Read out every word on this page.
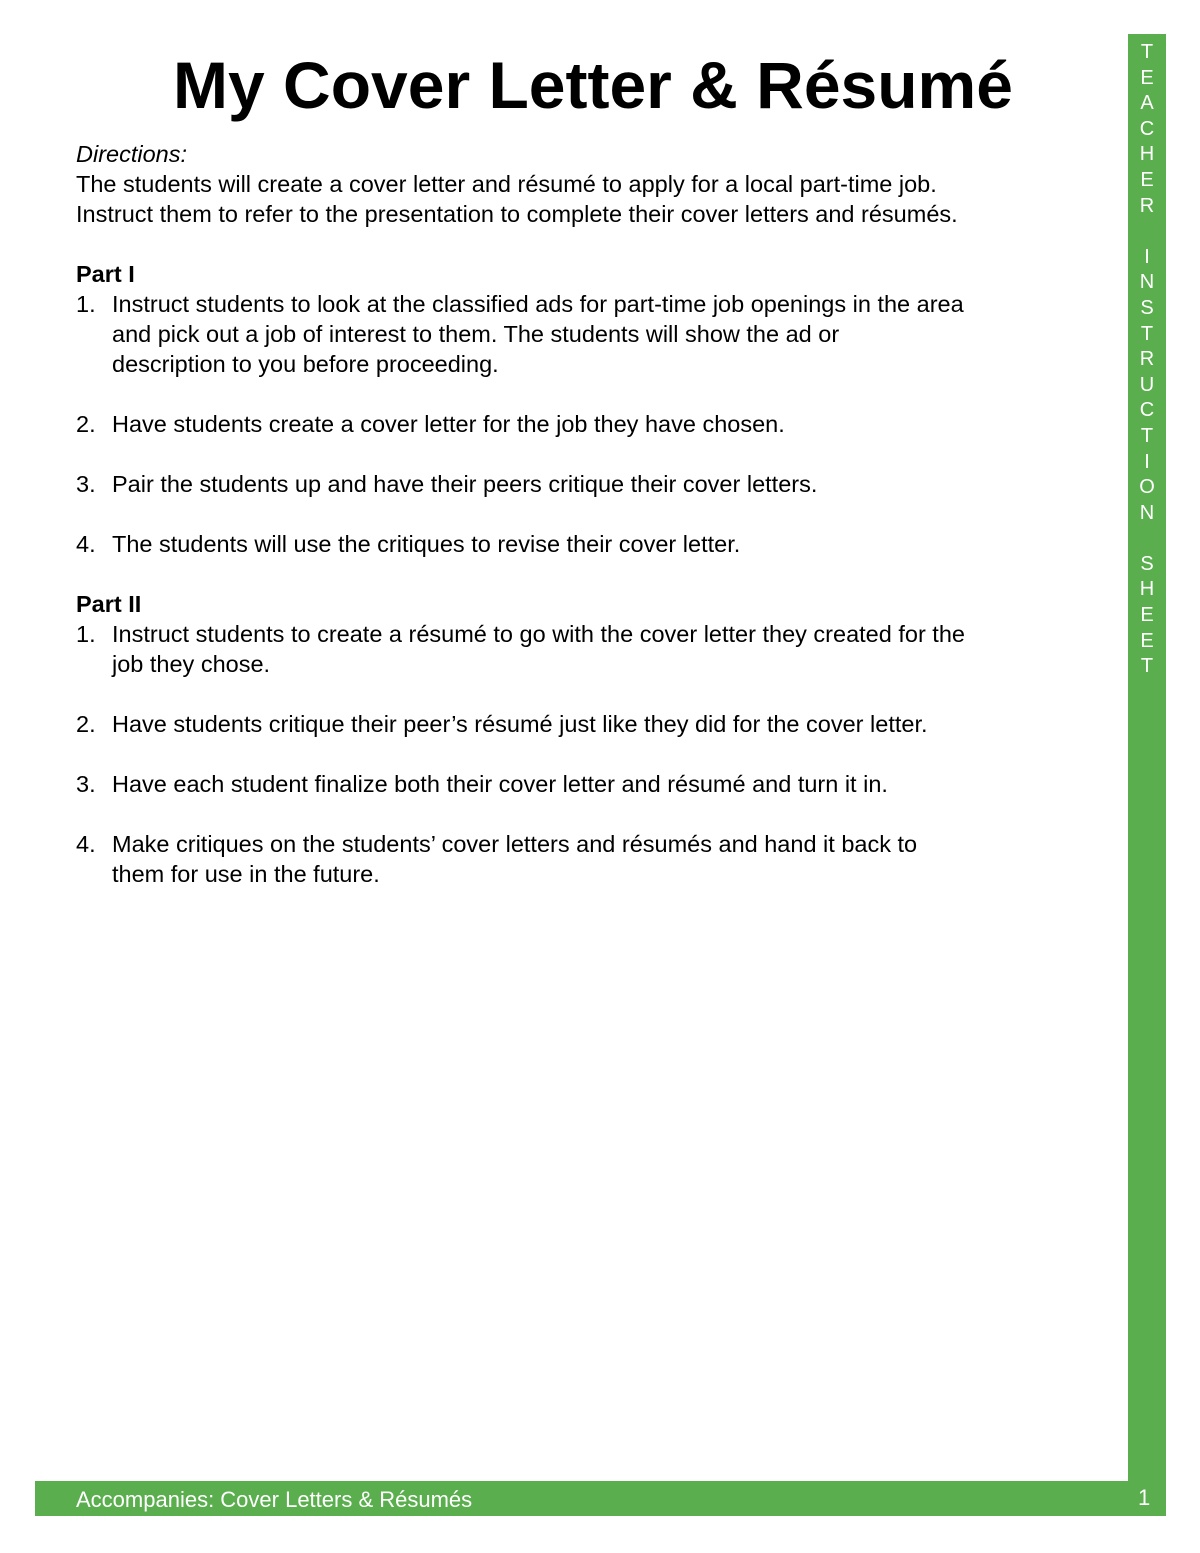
T
E
A
C
H
E
R

I
N
S
T
R
U
C
T
I
O
N

S
H
E
E
T
Accompanies: Cover Letters & Résumés	1
My Cover Letter & Résumé

Directions:

The students will create a cover letter and résumé to apply for a local part-time job.

Instruct them to refer to the presentation to complete their cover letters and résumés.

Part I

1. Instruct students to look at the classified ads for part-time job openings in the area

and pick out a job of interest to them. The students will show the ad or

description to you before proceeding.

2. Have students create a cover letter for the job they have chosen.

3. Pair the students up and have their peers critique their cover letters.

4. The students will use the critiques to revise their cover letter.

Part II

1. Instruct students to create a résumé to go with the cover letter they created for the

job they chose.

2. Have students critique their peer’s résumé just like they did for the cover letter.

3. Have each student finalize both their cover letter and résumé and turn it in.

4. Make critiques on the students’ cover letters and résumés and hand it back to

them for use in the future.
